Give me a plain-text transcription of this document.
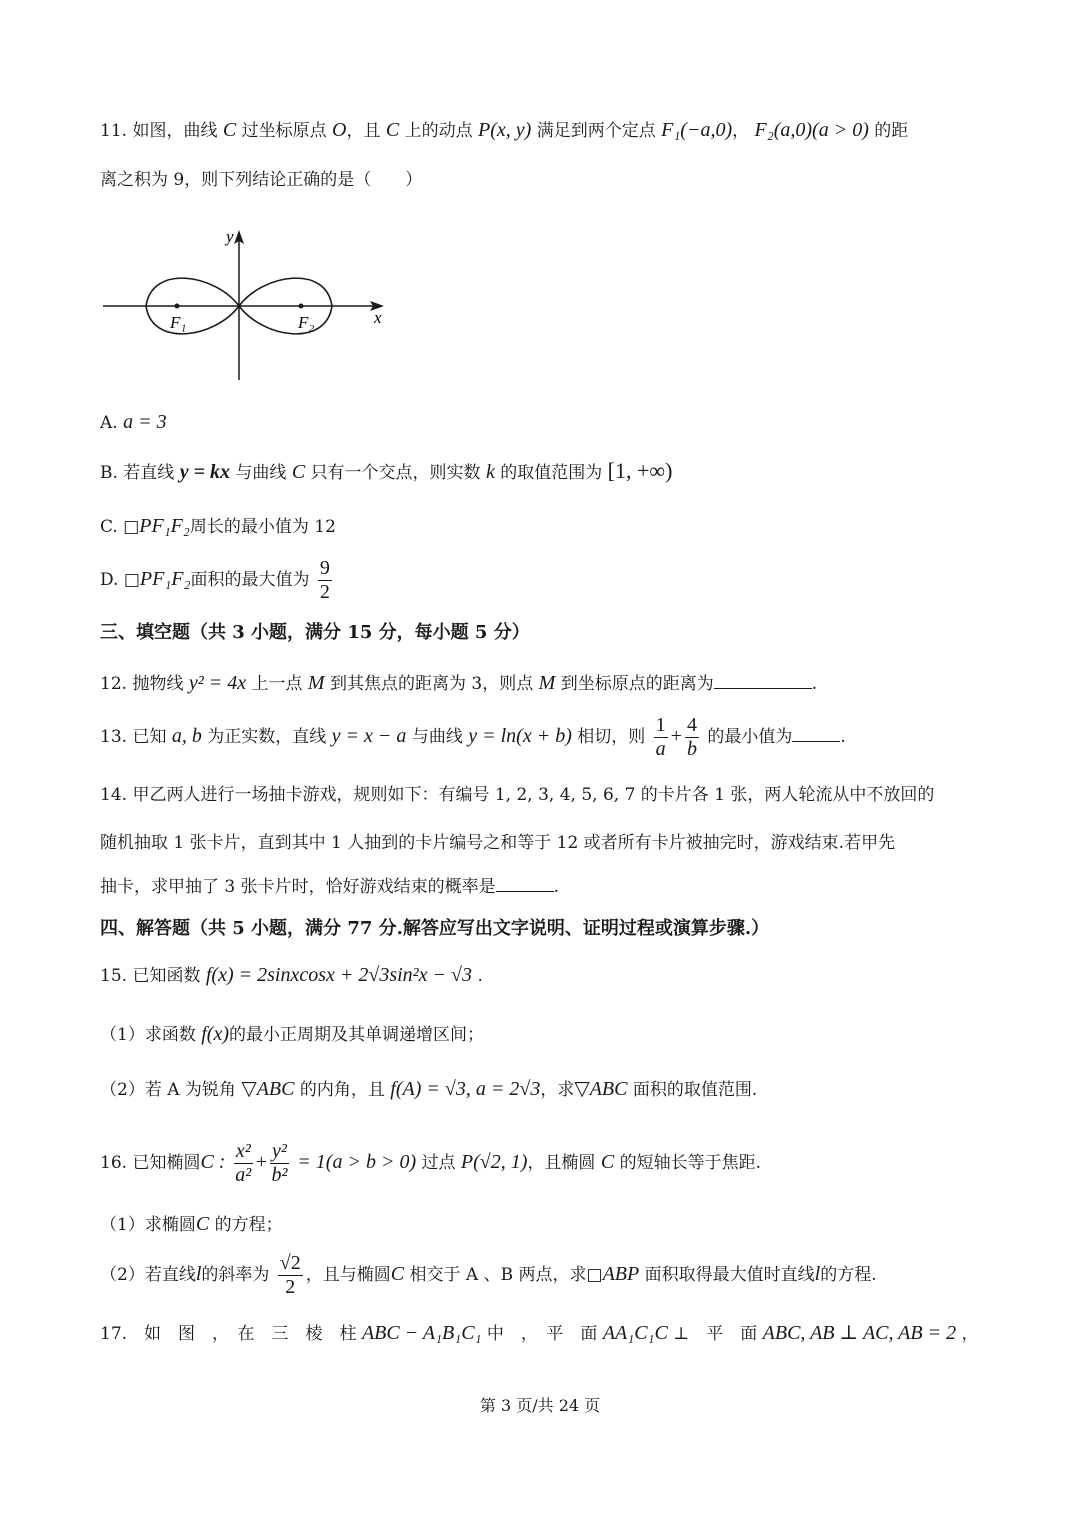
11. 如图，曲线 C 过坐标原点 O，且 C 上的动点 P(x, y) 满足到两个定点 F₁(−a,0)， F₂(a,0)(a > 0) 的距
离之积为 9，则下列结论正确的是（　　）
y
x
F₁	F₂
A. a = 3
B. 若直线 y = kx 与曲线 C 只有一个交点，则实数 k 的取值范围为 [1, +∞)
C. □PF₁F₂周长的最小值为 12
D. □PF₁F₂面积的最大值为 $\frac{9}{2}$
三、填空题（共 3 小题，满分 15 分，每小题 5 分）
12. 抛物线 y² = 4x 上一点 M 到其焦点的距离为 3，则点 M 到坐标原点的距离为	.
13. 已知 a, b 为正实数，直线 y = x − a 与曲线 y = ln(x + b) 相切，则 $\frac{1}{a} + \frac{4}{b}$ 的最小值为	.
14. 甲乙两人进行一场抽卡游戏，规则如下：有编号 1, 2, 3, 4, 5, 6, 7 的卡片各 1 张，两人轮流从中不放回的
随机抽取 1 张卡片，直到其中 1 人抽到的卡片编号之和等于 12 或者所有卡片被抽完时，游戏结束.若甲先
抽卡，求甲抽了 3 张卡片时，恰好游戏结束的概率是	.
四、解答题（共 5 小题，满分 77 分.解答应写出文字说明、证明过程或演算步骤.）
15. 已知函数 f(x) = 2sinxcosx + 2√3sin²x − √3 .
（1）求函数 f(x)的最小正周期及其单调递增区间；
（2）若 A 为锐角 ▽ABC 的内角，且 f(A) = √3, a = 2√3，求▽ABC 面积的取值范围.
16. 已知椭圆C : $\frac{\text{x²}}{\text{a²}} + \frac{\text{y²}}{\text{b²}} = 1(a > b > 0)$ 过点 P(√2, 1)，且椭圆 C 的短轴长等于焦距.
（1）求椭圆C 的方程；
（2）若直线l的斜率为 $\frac{√2}{2}$ ，且与椭圆C 相交于 A 、B 两点，求□ABP 面积取得最大值时直线l的方程.
17.　如　图　，　在　三　棱　柱 ABC − A₁B₁C₁ 中　，　平　面 AA₁C₁C ⊥　平　面 ABC, AB ⊥ AC, AB = 2 ，
第 3 页/共 24 页
